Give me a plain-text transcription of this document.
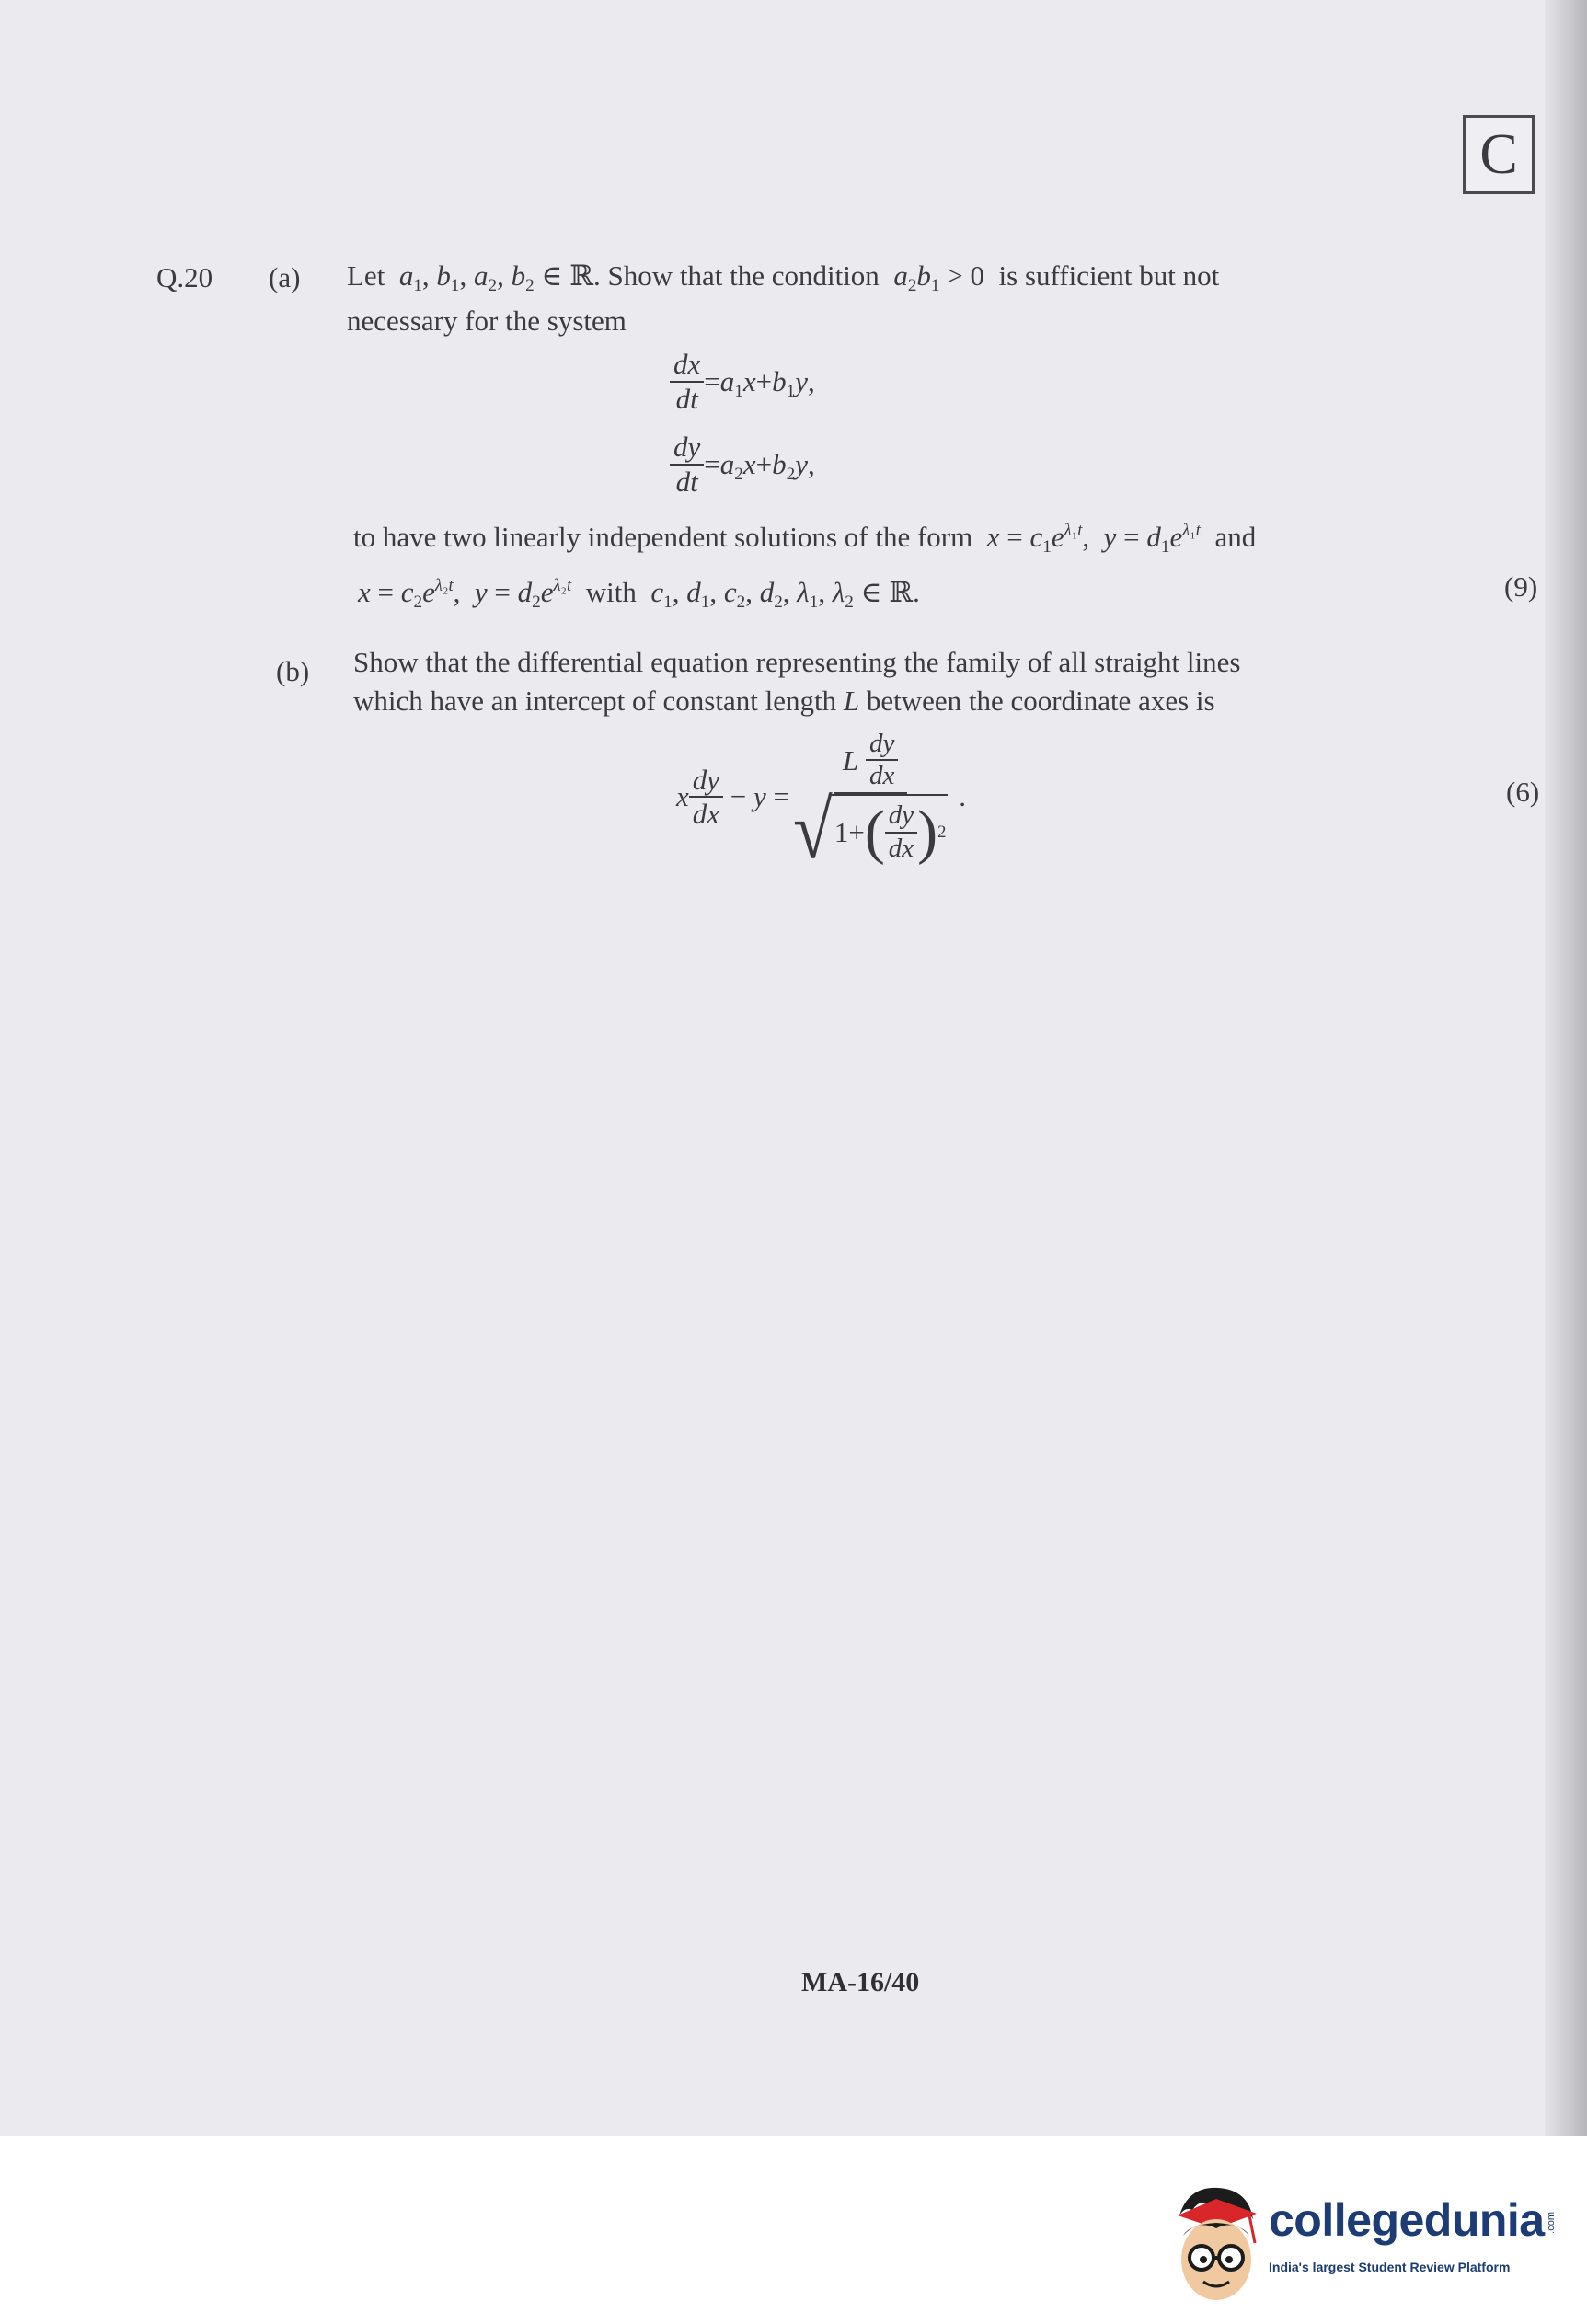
C
Q.20 (a) Let $a_1$, $b_1$, $a_2$, $b_2$ ∈ ℝ. Show that the condition $a_2b_1 > 0$  is sufficient but not
necessary for the system
$\frac{dx}{dt} =a_1x+b_1y$,
$\frac{dy}{dt} =a_2x+b_2y$,
to have two linearly independent solutions of the form $x = c_1e^{\lambda_1t}$,  $y = d_1e^{\lambda_1t}$ and
$x = c_2e^{\lambda_2t}$,  $y = d_2e^{\lambda_2t}$ with $c_1$, $d_1$, $c_2$, $d_2$, $\lambda_1$, $\lambda_2$ ∈ ℝ.	(9)
(b) Show that the differential equation representing the family of all straight lines
which have an intercept of constant length L between the coordinate axes is
x $\frac{dy}{dx} - y = L$
$\frac{dy}{dx}$
√ 1+ ( $\frac{dy}{dx}$ ) 2 .	(6)
MA-16/40
collegedunia .com
India's largest Student Review Platform
